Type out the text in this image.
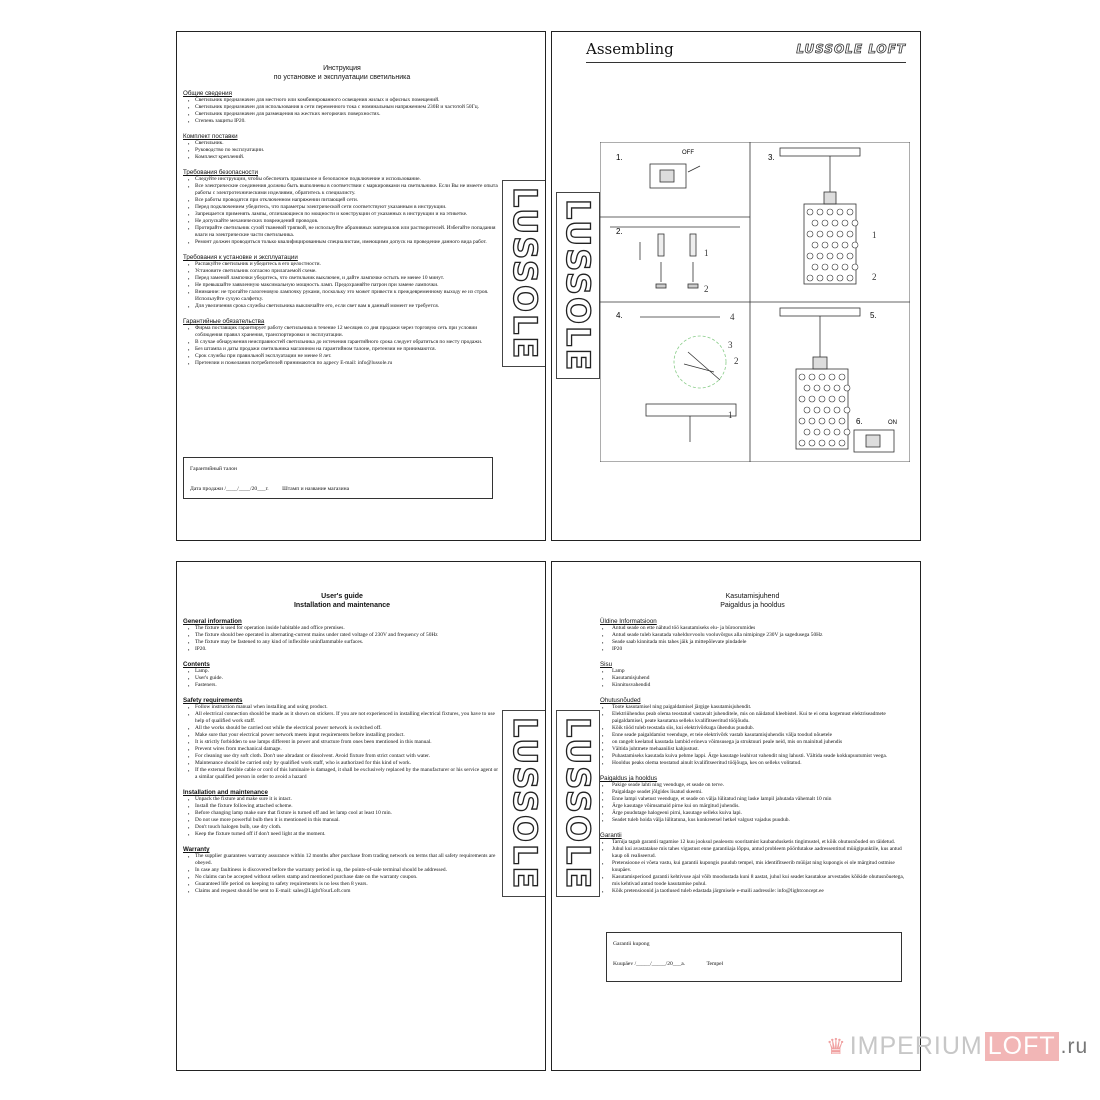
Инструкция
по установке и эксплуатации светильника
Общие сведения
▪ Светильник предназначен для местного или комбинированного освещения жилых и офисных помещений.
▪ Светильник предназначен для использования в сети переменного тока с номинальным напряжением 230В и частотой 50Гц.
▪ Светильник предназначен для размещения на жестких негорючих поверхностях.
▪ Степень защиты IP20.
Комплект поставки
▪ Светильник.
▪ Руководство по эксплуатации.
▪ Комплект креплений.
Требования безопасности
▪ Следуйте инструкции, чтобы обеспечить правильное и безопасное подключение и использование.
▪ Все электрические соединения должны быть выполнены в соответствии с маркировками на светильнике. Если Вы не имеете опыта работы с электротехническими изделиями, обратитесь к специалисту.
▪ Все работы проводятся при отключенном напряжении питающей сети.
▪ Перед подключением убедитесь, что параметры электрической сети соответствуют указанным в инструкции.
▪ Запрещается применять лампы, отличающиеся по мощности и конструкции от указанных в инструкции и на этикетке.
▪ Не допускайте механических повреждений проводов.
▪ Протирайте светильник сухой тканевой тряпкой, не используйте абразивных материалов или растворителей. Избегайте попадания влаги на электрические части светильника.
▪ Ремонт должен проводиться только квалифицированным специалистам, имеющими допуск на проведение данного вида работ.
Требования к установке и эксплуатации
▪ Распакуйте светильник и убедитесь в его целостности.
▪ Установите светильник согласно прилагаемой схеме.
▪ Перед заменой лампочки убедитесь, что светильник выключен, и дайте лампочке остыть не менее 10 минут.
▪ Не превышайте заявленную максимальную мощность ламп. Предохраняйте патрон при замене лампочки.
▪ Внимание: не трогайте галогеновую лампочку руками, поскольку это может привести к преждевременному выходу ее из строя. Используйте сухую салфетку.
▪ Для увеличения срока службы светильника выключайте его, если свет вам в данный момент не требуется.
Гарантийные обязательства
▪ Фирма поставщик гарантирует работу светильника в течение 12 месяцев со дня продажи через торговую сеть при условии соблюдения правил хранения, транспортировки и эксплуатации.
▪ В случае обнаружения неисправностей светильника до истечения гарантийного срока следует обратиться по месту продажи.
▪ Без штампа и даты продажи светильника магазином на гарантийном талоне, претензии не принимаются.
▪ Срок службы при правильной эксплуатации не менее 8 лет.
▪ Претензии и пожелания потребителей принимаются по адресу E-mail: info@lussole.ru
Гарантийный талон
Дата продажи /____/____/20___г. Штамп и название магазина
LUSSOLE
Assembling	LUSSOLE LOFT
LUSSOLE
1.	OFF
2.
1
2
3.
1
2
4.	4
3
2
1
5.
6.	ON
User's guide
Installation and maintenance
General information
▪ The fixture is used for operation inside habitable and office premises.
▪ The fixture should bee operated in alternating-current mains under rated voltage of 230V and frequency of 50Hz
▪ The fixture may be fastened to any kind of inflexible uninflammable surfaces.
▪ IP20.
Contents
▪ Lamp.
▪ User's guide.
▪ Fasteners.
Safety requirements
▪ Follow instruction manual when installing and using product.
▪ All electrical connection should be made as it shown on stickers. If you are not experienced in installing electrical fixtures, you have to use help of qualified work staff.
▪ All the works should be carried out while the electrical power network is switched off.
▪ Make sure that your electrical power network meets input requirements before installing product.
▪ It is strictly forbidden to use lamps different in power and structure from ones been mentioned in this manual.
▪ Prevent wires from mechanical damage.
▪ For cleaning use dry soft cloth. Don't use abradant or dissolvent. Avoid fixture from strict contact with water.
▪ Maintenance should be carried only by qualified work staff, who is authorized for this kind of work.
▪ If the external flexible cable or cord of this luminaire is damaged, it shall be exclusively replaced by the manufacturer or his service agent or a similar qualified person in order to avoid a hazard
Installation and maintenance
▪ Unpack the fixture and make sure it is intact.
▪ Install the fixture following attached scheme.
▪ Before changing lamp make sure that fixture is turned off and let lamp cool at least 10 min.
▪ Do not use more powerful bulb then it is mentioned in this manual.
▪ Don't touch halogen bulb, use dry cloth.
▪ Keep the fixture turned off if don't need light at the moment.
Warranty
▪ The supplier guarantees warranty assurance within 12 months after purchase from trading network on terms that all safety requirements are obeyed.
▪ In case any faultiness is discovered before the warranty period is up, the points-of-sale terminal should be addressed.
▪ No claims can be accepted without sellers stamp and mentioned purchase date on the warranty coupon.
▪ Guaranteed life period on keeping to safety requirements is no less then 8 years.
▪ Claims and request should be sent to E-mail: sales@LightYourLoft.com
LUSSOLE LUSSOLE
Kasutamisjuhend
Paigaldus ja hooldus
Üldine Informatsioon
▪ Antud seade on ette nähtud töö kasutamiseks elu- ja büroorumides
▪ Antud seade tuleb kasutada vahelduvvoolu vooluvõrgus alla nimipinge 230V ja sagedusega 50Hz
▪ Seade saab kinnitada mis tahes jäik ja mittepõlevate pindadele
▪ IP20
Sisu
▪ Lamp
▪ Kasutamisjuhend
▪ Kinnitusvahendid
Ohutusnõuded
▪ Toote kasutamisel ning paigaldamisel järgige kasutamisjuhendit.
▪ Elektriühendus peab olema teostatud vastavalt juhenditele, mis on näidatud kleebistel. Kui te ei oma kogemust elektriseadmete paigaldamisel, peate kasutama selleks kvalifitseeritud tööjõudu.
▪ Kõik tööd tuleb teostada siis, kui elektrivõrkuga ühendus puudub.
▪ Enne seade paigaldamist veenduge, et teie elektrivõrk vastab kasutamisjuhendis välja toodud nõuetele
▪ on rangelt keelatud kasutada lambid erineva võimsusega ja struktuuri peale neid, mis on mainitud juhendis
▪ Vältida juhtmete mehaanilist kahjustust.
▪ Puhastamiseks kasutada kuiva pehme lappi. Ärge kasutage leahivat vahendit ning lahusti. Vältida seade kokkupuutumist veega.
▪ Hooldus peaks olema teostatud ainult kvalifitseeritud tööjõuga, kes on selleks volitatud.
Paigaldus ja hooldus
▪ Pakige seade lahti ning veenduge, et seade on terve.
▪ Paigaldage seadet jõlgides lisatud skeemi.
▪ Enne lampi vahetust veenduge, et seade on välja lülitatud ning laske lampil jahutada vähemalt 10 min
▪ Ärge kasutage võimsamaid pirne kui on märgitud juhendis.
▪ Ärge puudutage halogeeni pirni, kasutage selleks kuiva lapi.
▪ Seadet tuleb hoida välja lülitatuna, kus konkreetsel hetkel valgust vajadus puudub.
Garantii
▪ Tarnija tagab garantii tagamise 12 kuu jooksul pealeostu sooritamist kaubandusketis tingimustel, et kõik ohutusnõuded on täidetud.
▪ Juhul kui avastatakse mis tahes vigastust enne garantiiaja lõppu, antud probleem pöördutakse aadressentitud müügipunktile, kus antud kaup oli realiseerud.
▪ Pretensioone ei võeta vastu, kui garantii kupongis puudub tempel, mis identifitseerib müüjat ning kupongis ei ole märgitud ostmise kuupäev.
▪ Kasutamisperiood garantii kehtivuse ajal võib moodustada kuni 8 aastat, juhul kui seadet kasutakse arvestades kõikide ohutusnõuetega, mis kehtivad antud toode kasutamise puhul.
▪ Kõik pretensioonid ja taotlused tuleb edastada järgmisele e-maili aadressile: info@lightconcept.ee
Garantii kupong
Kuupäev /_____/_____/20___a.	Tempel
♛ IMPERIUM LOFT .ru
